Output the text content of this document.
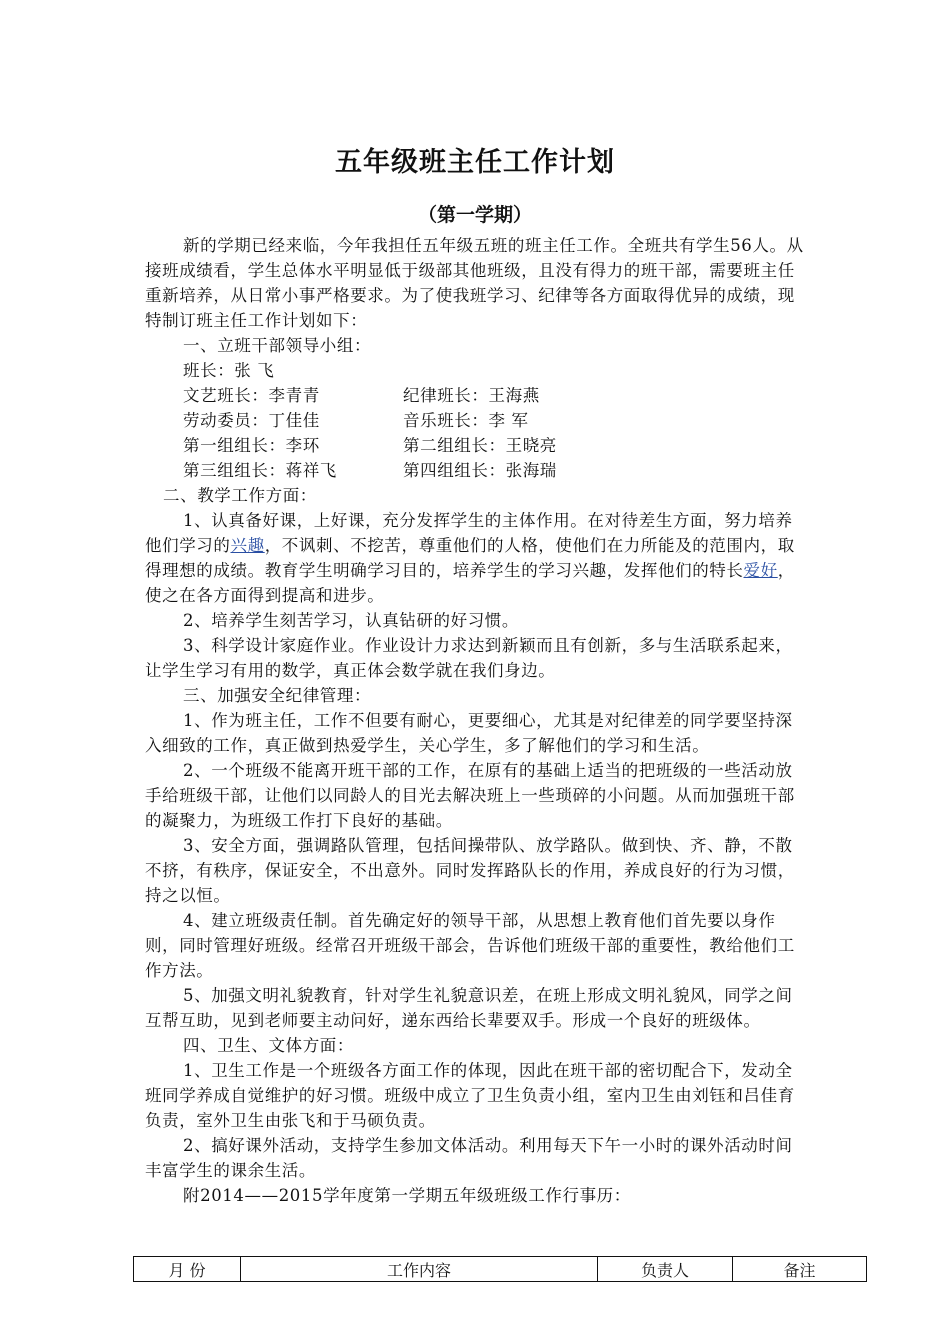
五年级班主任工作计划
（第一学期）

新的学期已经来临，今年我担任五年级五班的班主任工作。全班共有学生56人。从接班成绩看，学生总体水平明显低于级部其他班级，且没有得力的班干部，需要班主任重新培养，从日常小事严格要求。为了使我班学习、纪律等各方面取得优异的成绩，现特制订班主任工作计划如下：

一、立班干部领导小组：

班长：张 飞
文艺班长：李青青	纪律班长：王海燕
劳动委员：丁佳佳	音乐班长：李 军
第一组组长：李环	第二组组长：王晓亮
第三组组长：蒋祥飞	第四组组长：张海瑞

二、教学工作方面：

1、认真备好课，上好课，充分发挥学生的主体作用。在对待差生方面，努力培养他们学习的兴趣，不讽刺、不挖苦，尊重他们的人格，使他们在力所能及的范围内，取得理想的成绩。教育学生明确学习目的，培养学生的学习兴趣，发挥他们的特长爱好，使之在各方面得到提高和进步。

2、培养学生刻苦学习，认真钻研的好习惯。

3、科学设计家庭作业。作业设计力求达到新颖而且有创新，多与生活联系起来，让学生学习有用的数学，真正体会数学就在我们身边。

三、加强安全纪律管理：

1、作为班主任，工作不但要有耐心，更要细心，尤其是对纪律差的同学要坚持深入细致的工作，真正做到热爱学生，关心学生，多了解他们的学习和生活。

2、一个班级不能离开班干部的工作，在原有的基础上适当的把班级的一些活动放手给班级干部，让他们以同龄人的目光去解决班上一些琐碎的小问题。从而加强班干部的凝聚力，为班级工作打下良好的基础。

3、安全方面，强调路队管理，包括间操带队、放学路队。做到快、齐、静，不散不挤，有秩序，保证安全，不出意外。同时发挥路队长的作用，养成良好的行为习惯，持之以恒。

4、建立班级责任制。首先确定好的领导干部，从思想上教育他们首先要以身作则，同时管理好班级。经常召开班级干部会，告诉他们班级干部的重要性，教给他们工作方法。

5、加强文明礼貌教育，针对学生礼貌意识差，在班上形成文明礼貌风，同学之间互帮互助，见到老师要主动问好，递东西给长辈要双手。形成一个良好的班级体。

四、卫生、文体方面：

1、卫生工作是一个班级各方面工作的体现，因此在班干部的密切配合下，发动全班同学养成自觉维护的好习惯。班级中成立了卫生负责小组，室内卫生由刘钰和吕佳育负责，室外卫生由张飞和于马硕负责。

2、搞好课外活动，支持学生参加文体活动。利用每天下午一小时的课外活动时间丰富学生的课余生活。

附2014——2015学年度第一学期五年级班级工作行事历：

月 份	工作内容	负责人	备注
